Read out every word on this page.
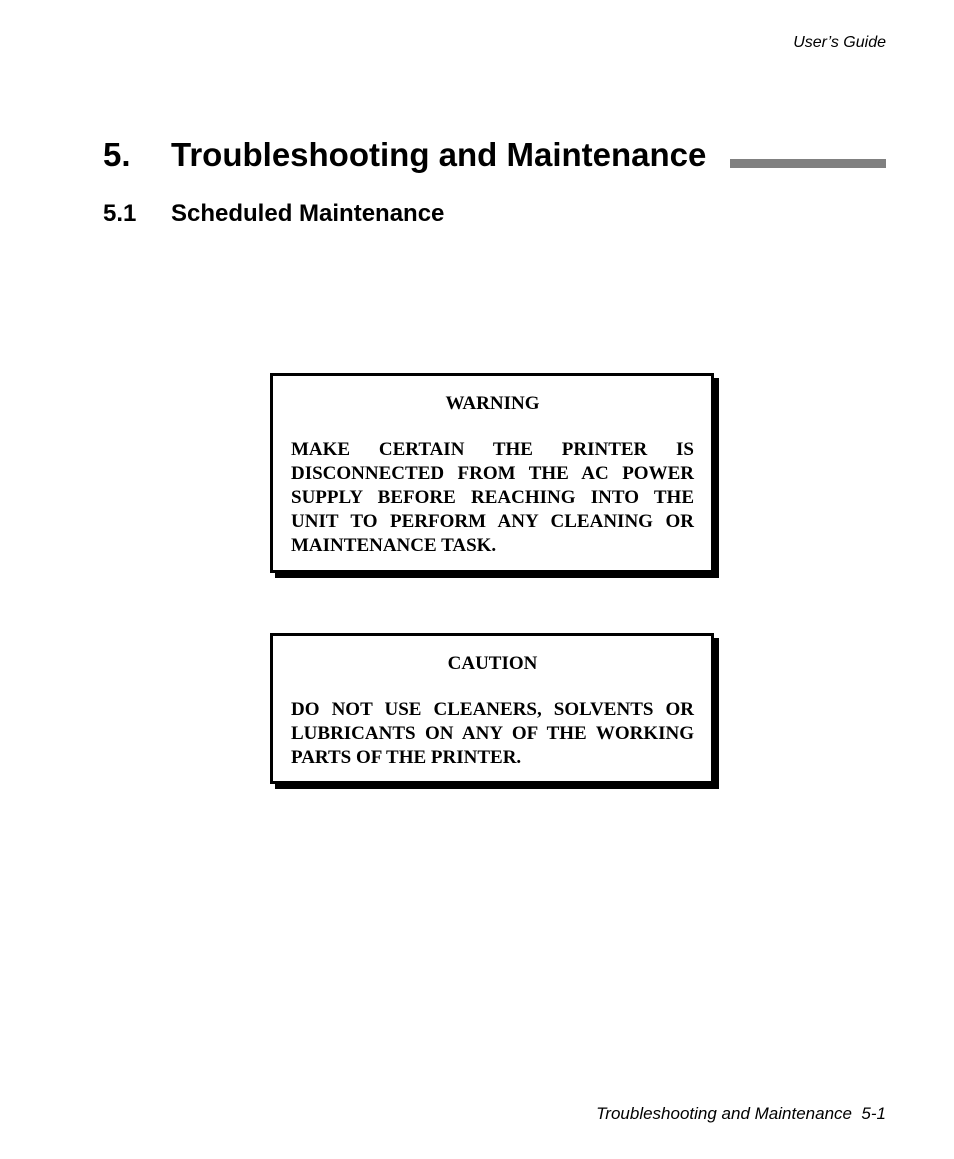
User’s Guide
5. Troubleshooting and Maintenance
5.1 Scheduled Maintenance
WARNING

MAKE CERTAIN THE PRINTER IS DISCONNECTED FROM THE AC POWER SUPPLY BEFORE REACHING INTO THE UNIT TO PERFORM ANY CLEANING OR MAINTENANCE TASK.

CAUTION

DO NOT USE CLEANERS, SOLVENTS OR LUBRICANTS ON ANY OF THE WORKING PARTS OF THE PRINTER.

Troubleshooting and Maintenance  5-1
